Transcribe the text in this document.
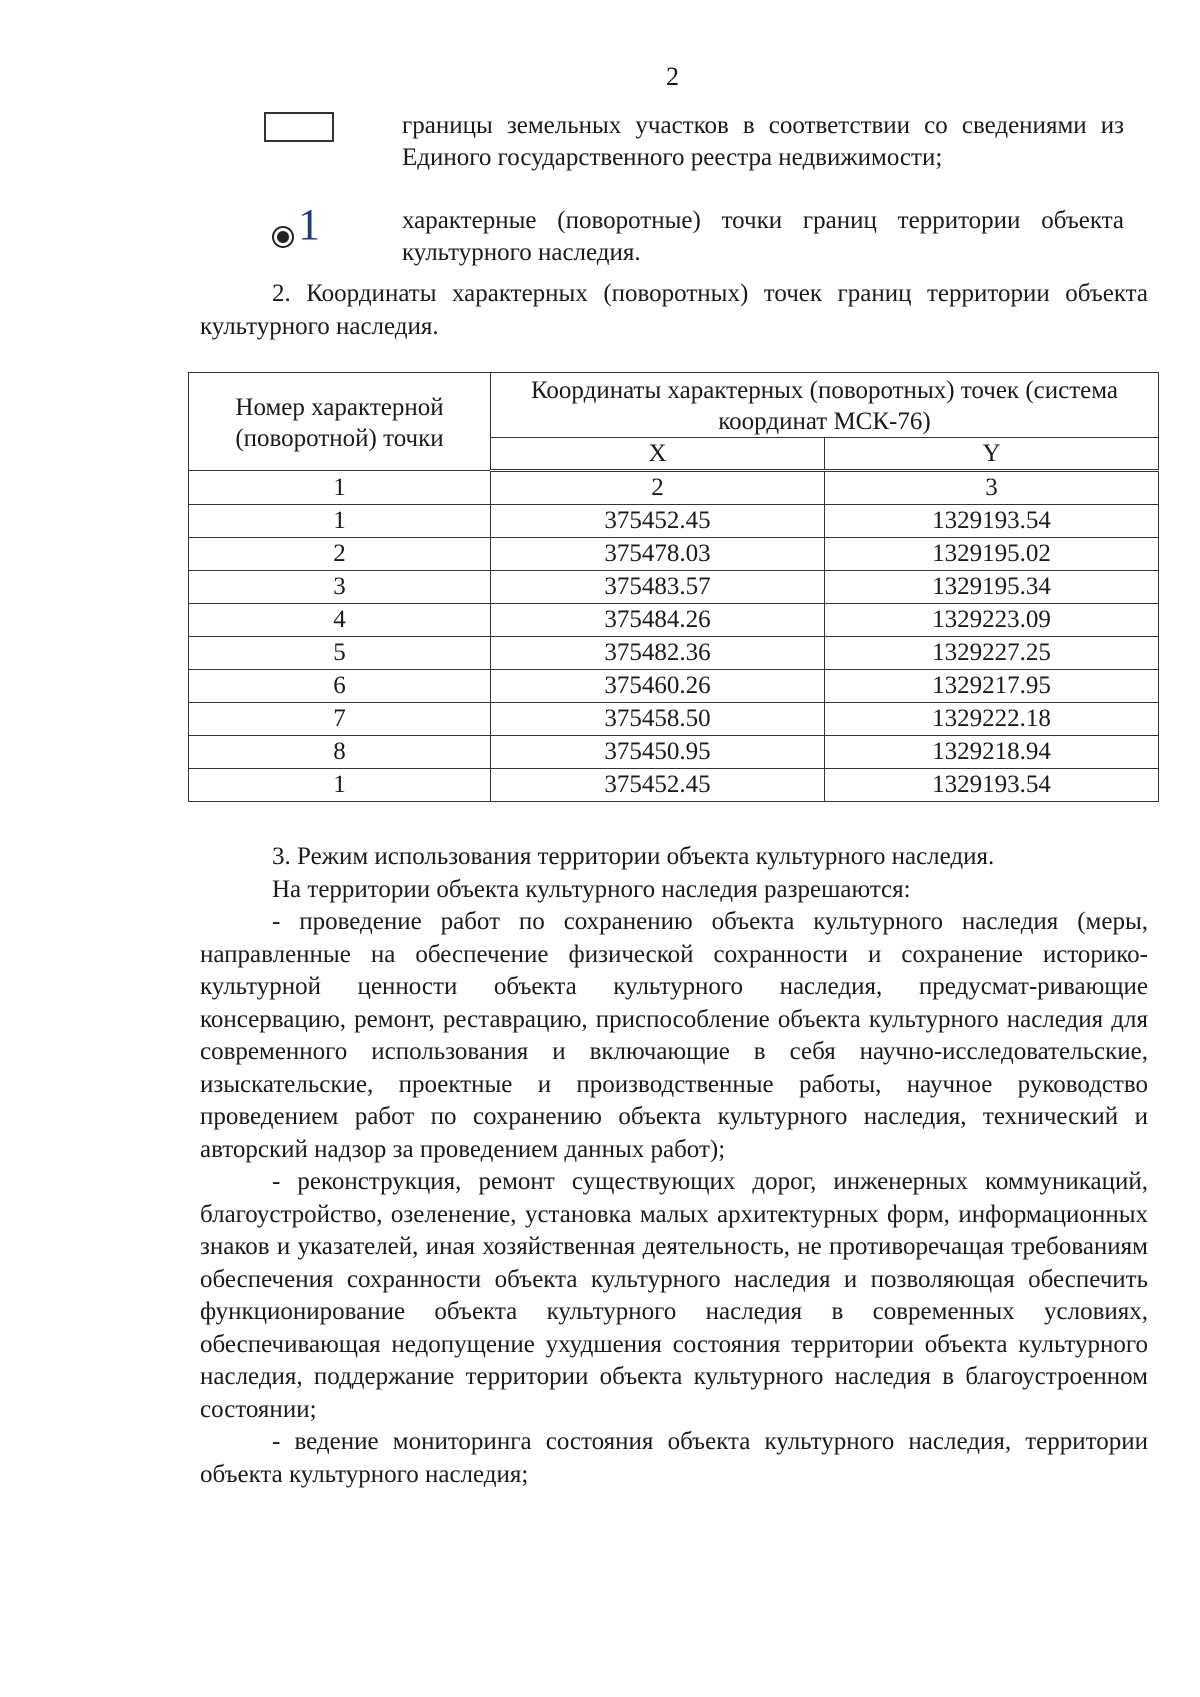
2
границы земельных участков в соответствии со сведениями из Единого государственного реестра недвижимости;
1	характерные (поворотные) точки границ территории объекта культурного наследия.
2. Координаты характерных (поворотных) точек границ территории объекта культурного наследия.
Номер характерной (поворотной) точки	Координаты характерных (поворотных) точек (система координат МСК-76)	
	X	Y
1	2	3
1	375452.45	1329193.54
2	375478.03	1329195.02
3	375483.57	1329195.34
4	375484.26	1329223.09
5	375482.36	1329227.25
6	375460.26	1329217.95
7	375458.50	1329222.18
8	375450.95	1329218.94
1	375452.45	1329193.54

3. Режим использования территории объекта культурного наследия.

На территории объекта культурного наследия разрешаются:

- проведение работ по сохранению объекта культурного наследия (меры, направленные на обеспечение физической сохранности и сохранение историко-культурной ценности объекта культурного наследия, предусмат-ривающие консервацию, ремонт, реставрацию, приспособление объекта культурного наследия для современного использования и включающие в себя научно-исследовательские, изыскательские, проектные и производственные работы, научное руководство проведением работ по сохранению объекта культурного наследия, технический и авторский надзор за проведением данных работ);

- реконструкция, ремонт существующих дорог, инженерных коммуникаций, благоустройство, озеленение, установка малых архитектурных форм, информационных знаков и указателей, иная хозяйственная деятельность, не противоречащая требованиям обеспечения сохранности объекта культурного наследия и позволяющая обеспечить функционирование объекта культурного наследия в современных условиях, обеспечивающая недопущение ухудшения состояния территории объекта культурного наследия, поддержание территории объекта культурного наследия в благоустроенном состоянии;

- ведение мониторинга состояния объекта культурного наследия, территории объекта культурного наследия;
